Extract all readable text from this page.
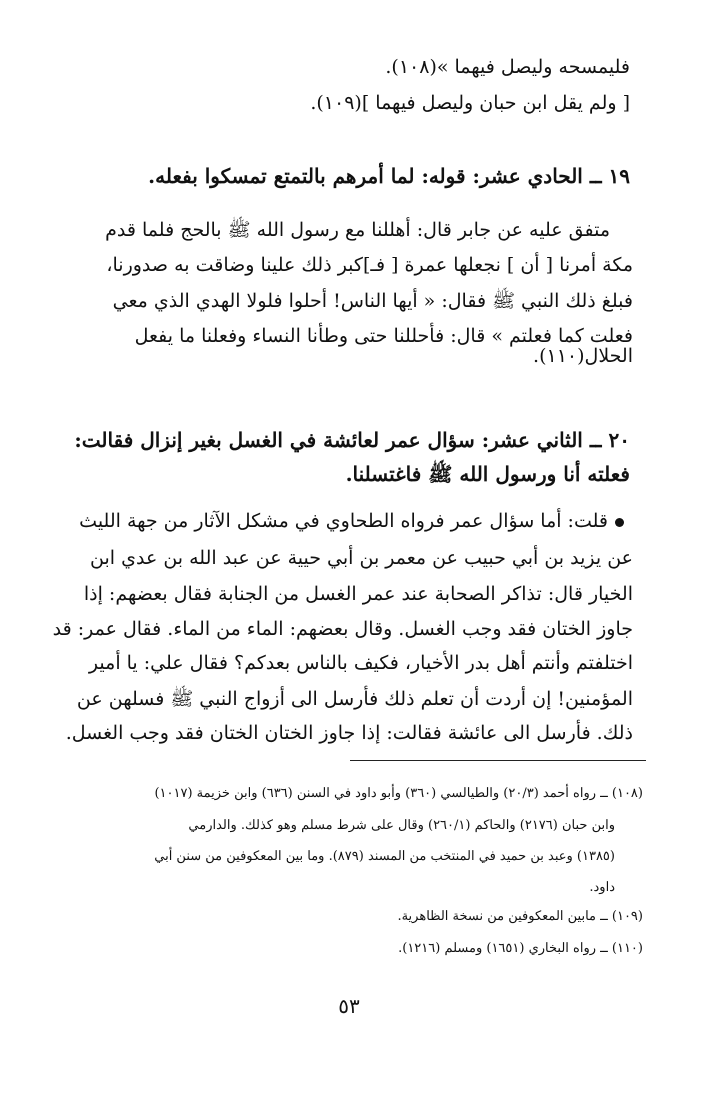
فليمسحه وليصل فيهما »(١٠٨).
[ ولم يقل ابن حبان وليصل فيهما ](١٠٩).
١٩ ــ الحادي عشر: قوله: لما أمرهم بالتمتع تمسكوا بفعله.
متفق عليه عن جابر قال: أهللنا مع رسول الله ﷺ بالحج فلما قدم
مكة أمرنا [ أن ] نجعلها عمرة [ فـ]كبر ذلك علينا وضاقت به صدورنا،
فبلغ ذلك النبي ﷺ فقال: « أيها الناس! أحلوا فلولا الهدي الذي معي
فعلت كما فعلتم » قال: فأحللنا حتى وطأنا النساء وفعلنا ما يفعل
الحلال(١١٠).
٢٠ ــ الثاني عشر: سؤال عمر لعائشة في الغسل بغير إنزال فقالت:
فعلته أنا ورسول الله ﷺ فاغتسلنا.
قلت: أما سؤال عمر فرواه الطحاوي في مشكل الآثار من جهة الليث
عن يزيد بن أبي حبيب عن معمر بن أبي حيية عن عبد الله بن عدي ابن
الخيار قال: تذاكر الصحابة عند عمر الغسل من الجنابة فقال بعضهم: إذا
جاوز الختان فقد وجب الغسل. وقال بعضهم: الماء من الماء. فقال عمر: قد
اختلفتم وأنتم أهل بدر الأخيار، فكيف بالناس بعدكم؟ فقال علي: يا أمير
المؤمنين! إن أردت أن تعلم ذلك فأرسل الى أزواج النبي ﷺ فسلهن عن
ذلك. فأرسل الى عائشة فقالت: إذا جاوز الختان الختان فقد وجب الغسل.
(١٠٨) ــ رواه أحمد (٢٠/٣) والطيالسي (٣٦٠) وأبو داود في السنن (٦٣٦) وابن خزيمة (١٠١٧)
وابن حبان (٢١٧٦) والحاكم (٢٦٠/١) وقال على شرط مسلم وهو كذلك. والدارمي
(١٣٨٥) وعبد بن حميد في المنتخب من المسند (٨٧٩). وما بين المعكوفين من سنن أبي
داود.
(١٠٩) ــ مابين المعكوفين من نسخة الظاهرية.
(١١٠) ــ رواه البخاري (١٦٥١) ومسلم (١٢١٦).
٥٣
